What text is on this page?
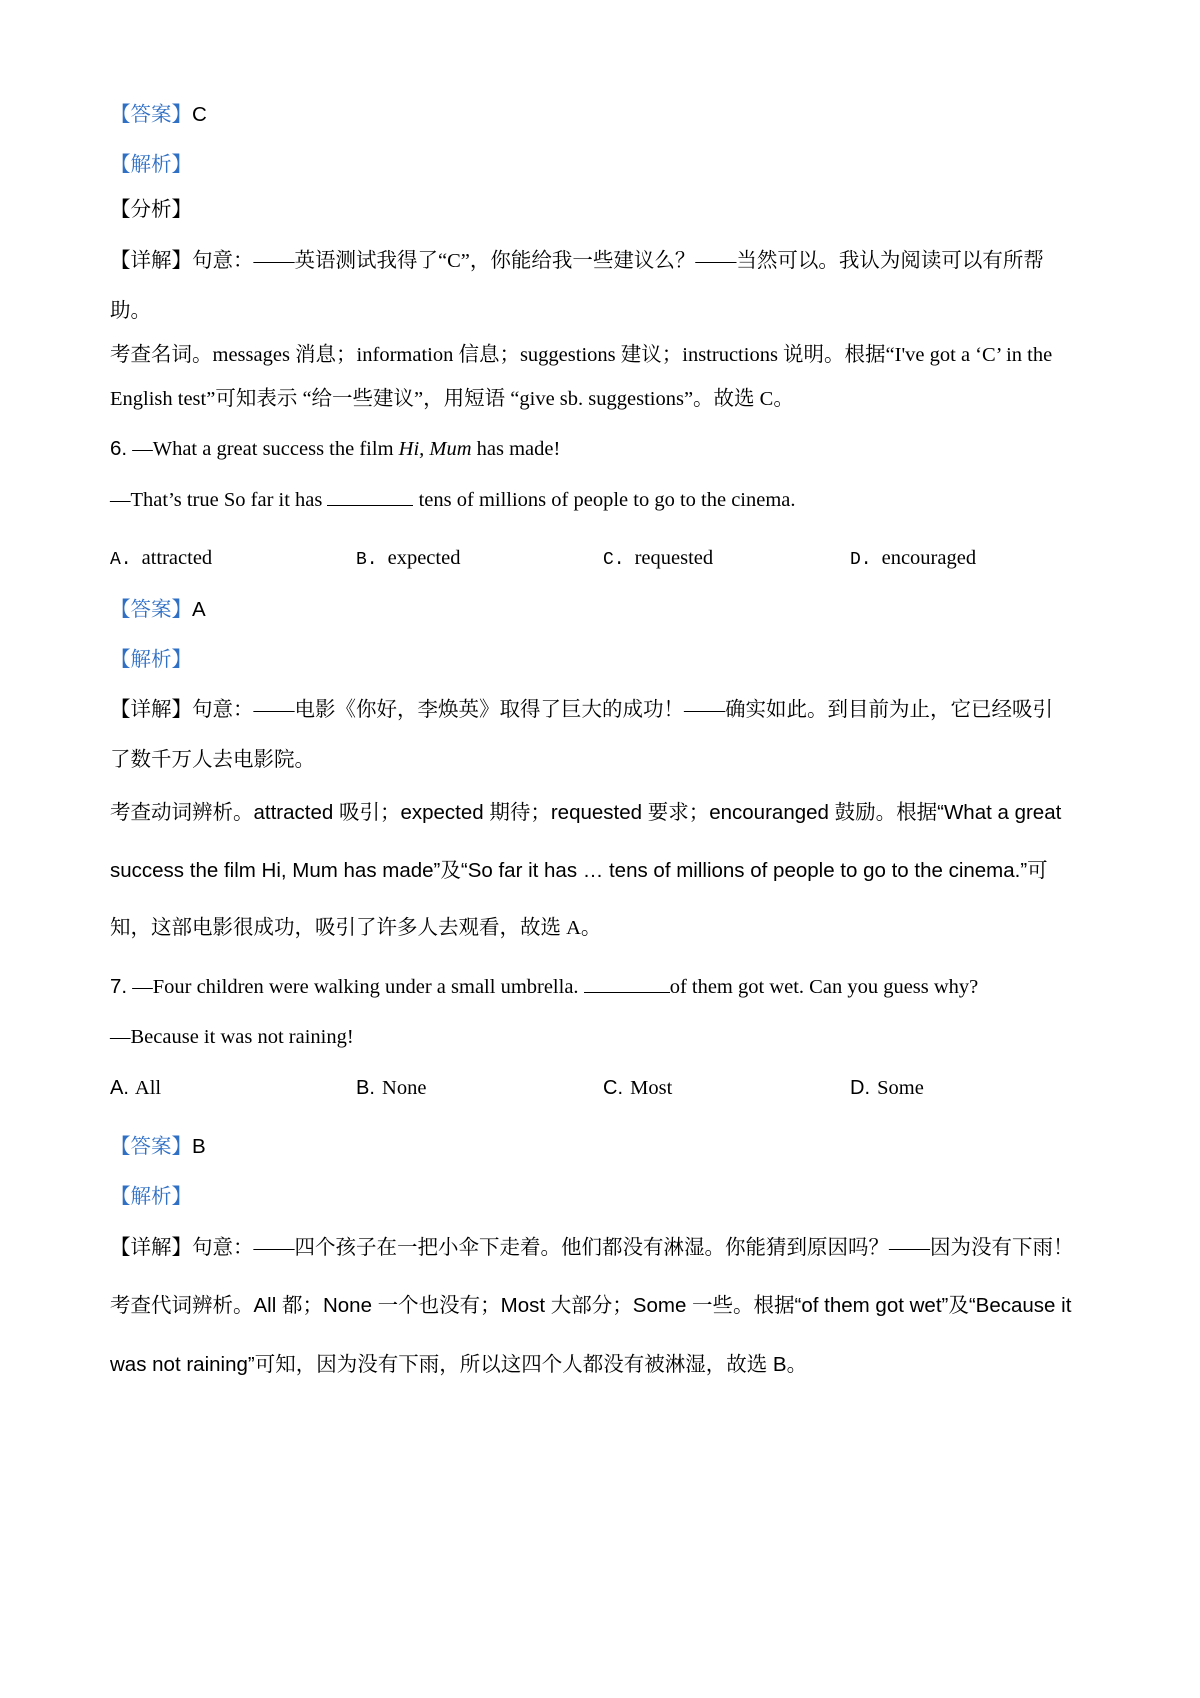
【答案】C
【解析】
【分析】
【详解】句意：——英语测试我得了“C”，你能给我一些建议么？——当然可以。我认为阅读可以有所帮
助。
考查名词。messages 消息；information 信息；suggestions 建议；instructions 说明。根据“I've got a ‘C’ in the
English test”可知表示 “给一些建议”，用短语 “give sb. suggestions”。故选 C。
6. —What a great success the film Hi, Mum has made!
—That’s true So far it has	tens of millions of people to go to the cinema.
A. attracted	B. expected	C. requested	D. encouraged
【答案】A
【解析】
【详解】句意：——电影《你好，李焕英》取得了巨大的成功！——确实如此。到目前为止，它已经吸引
了数千万人去电影院。
考查动词辨析。attracted 吸引；expected 期待；requested 要求；encouranged 鼓励。根据“What a great
success the film Hi, Mum has made”及“So far it has … tens of millions of people to go to the cinema.”可
知，这部电影很成功，吸引了许多人去观看，故选 A。
7. —Four children were walking under a small umbrella.	of them got wet. Can you guess why?
—Because it was not raining!
A. All	B. None	C. Most	D. Some
【答案】B
【解析】
【详解】句意：——四个孩子在一把小伞下走着。他们都没有淋湿。你能猜到原因吗？——因为没有下雨！
考查代词辨析。All 都；None 一个也没有；Most 大部分；Some 一些。根据“of them got wet”及“Because it
was not raining”可知，因为没有下雨，所以这四个人都没有被淋湿，故选 B。
